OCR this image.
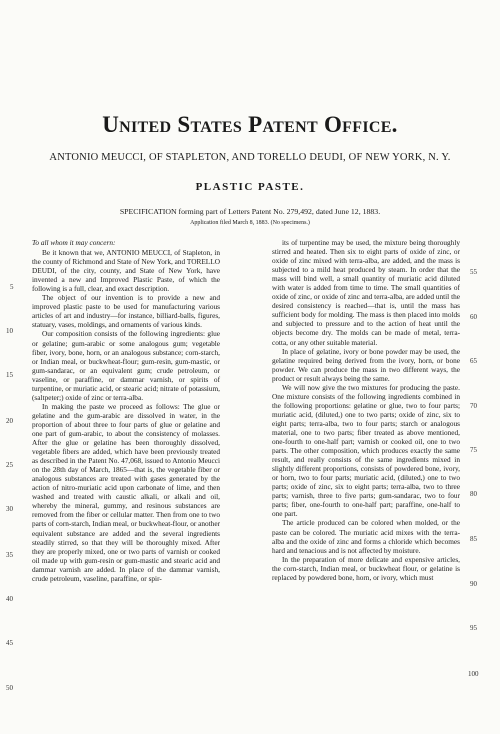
United States Patent Office.
ANTONIO MEUCCI, OF STAPLETON, AND TORELLO DEUDI, OF NEW YORK, N. Y.
PLASTIC PASTE.
SPECIFICATION forming part of Letters Patent No. 279,492, dated June 12, 1883.
Application filed March 8, 1883. (No specimens.)

To all whom it may concern:

Be it known that we, ANTONIO MEUCCI, of Stapleton, in the county of Richmond and State of New York, and TORELLO DEUDI, of the city, county, and State of New York, have invented a new and Improved Plastic Paste, of which the following is a full, clear, and exact description.

The object of our invention is to provide a new and improved plastic paste to be used for manufacturing various articles of art and industry—for instance, billiard-balls, figures, statuary, vases, moldings, and ornaments of various kinds.

Our composition consists of the following ingredients: glue or gelatine; gum-arabic or some analogous gum; vegetable fiber, ivory, bone, horn, or an analogous substance; corn-starch, or Indian meal, or buckwheat-flour; gum-resin, gum-mastic, or gum-sandarac, or an equivalent gum; crude petroleum, or vaseline, or paraffine, or dammar varnish, or spirits of turpentine, or muriatic acid, or stearic acid; nitrate of potassium, (saltpeter;) oxide of zinc or terra-alba.

In making the paste we proceed as follows: The glue or gelatine and the gum-arabic are dissolved in water, in the proportion of about three to four parts of glue or gelatine and one part of gum-arabic, to about the consistency of molasses. After the glue or gelatine has been thoroughly dissolved, vegetable fibers are added, which have been previously treated as described in the Patent No. 47,068, issued to Antonio Meucci on the 28th day of March, 1865—that is, the vegetable fiber or analogous substances are treated with gases generated by the action of nitro-muriatic acid upon carbonate of lime, and then washed and treated with caustic alkali, or alkali and oil, whereby the mineral, gummy, and resinous substances are removed from the fiber or cellular matter. Then from one to two parts of corn-starch, Indian meal, or buckwheat-flour, or another equivalent substance are added and the several ingredients steadily stirred, so that they will be thoroughly mixed. After they are properly mixed, one or two parts of varnish or cooked oil made up with gum-resin or gum-mastic and stearic acid and dammar varnish are added. In place of the dammar varnish, crude petroleum, vaseline, paraffine, or spir-

its of turpentine may be used, the mixture being thoroughly stirred and heated. Then six to eight parts of oxide of zinc, or oxide of zinc mixed with terra-alba, are added, and the mass is subjected to a mild heat produced by steam. In order that the mass will bind well, a small quantity of muriatic acid diluted with water is added from time to time. The small quantities of oxide of zinc, or oxide of zinc and terra-alba, are added until the desired consistency is reached—that is, until the mass has sufficient body for molding. The mass is then placed into molds and subjected to pressure and to the action of heat until the objects become dry. The molds can be made of metal, terra-cotta, or any other suitable material.

In place of gelatine, ivory or bone powder may be used, the gelatine required being derived from the ivory, horn, or bone powder. We can produce the mass in two different ways, the product or result always being the same.

We will now give the two mixtures for producing the paste. One mixture consists of the following ingredients combined in the following proportions: gelatine or glue, two to four parts; muriatic acid, (diluted,) one to two parts; oxide of zinc, six to eight parts; terra-alba, two to four parts; starch or analogous material, one to two parts; fiber treated as above mentioned, one-fourth to one-half part; varnish or cooked oil, one to two parts. The other composition, which produces exactly the same result, and really consists of the same ingredients mixed in slightly different proportions, consists of powdered bone, ivory, or horn, two to four parts; muriatic acid, (diluted,) one to two parts; oxide of zinc, six to eight parts; terra-alba, two to three parts; varnish, three to five parts; gum-sandarac, two to four parts; fiber, one-fourth to one-half part; paraffine, one-half to one part.

The article produced can be colored when molded, or the paste can be colored. The muriatic acid mixes with the terra-alba and the oxide of zinc and forms a chloride which becomes hard and tenacious and is not affected by moisture.

In the preparation of more delicate and expensive articles, the corn-starch, Indian meal, or buckwheat flour, or gelatine is replaced by powdered bone, horn, or ivory, which must

5
10
15
20
25
30
35
40
45
50
55
60
65
70
75
80
85
90
95
100
